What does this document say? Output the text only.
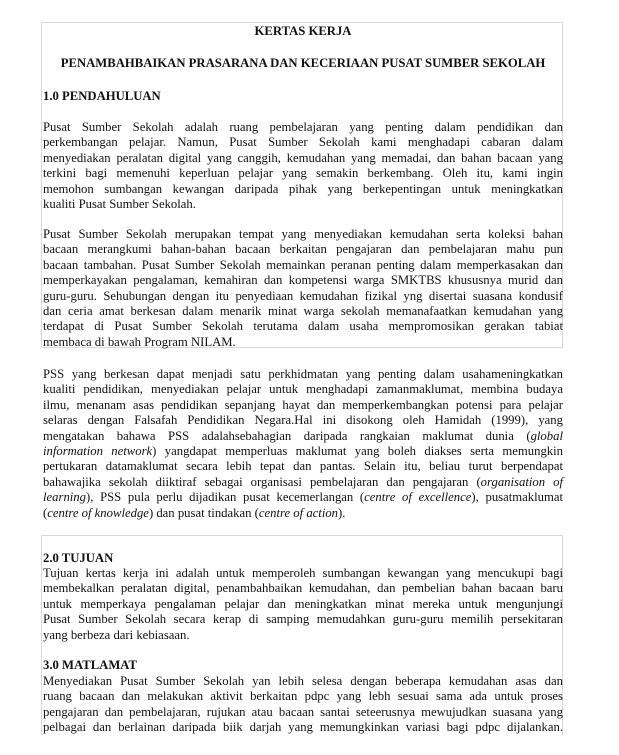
KERTAS KERJA
PENAMBAHBAIKAN PRASARANA DAN KECERIAAN PUSAT SUMBER SEKOLAH
1.0 PENDAHULUAN
Pusat Sumber Sekolah adalah ruang pembelajaran yang penting dalam pendidikan dan
perkembangan pelajar. Namun, Pusat Sumber Sekolah kami menghadapi cabaran dalam
menyediakan peralatan digital yang canggih, kemudahan yang memadai, dan bahan bacaan yang
terkini bagi memenuhi keperluan pelajar yang semakin berkembang. Oleh itu, kami ingin
memohon sumbangan kewangan daripada pihak yang berkepentingan untuk meningkatkan
kualiti Pusat Sumber Sekolah.
Pusat Sumber Sekolah merupakan tempat yang menyediakan kemudahan serta koleksi bahan
bacaan merangkumi bahan-bahan bacaan berkaitan pengajaran dan pembelajaran mahu pun
bacaan tambahan. Pusat Sumber Sekolah memainkan peranan penting dalam memperkasakan dan
memperkayakan pengalaman, kemahiran dan kompetensi warga SMKTBS khususnya murid dan
guru-guru. Sehubungan dengan itu penyediaan kemudahan fizikal yng disertai suasana kondusif
dan ceria amat berkesan dalam menarik minat warga sekolah memanafaatkan kemudahan yang
terdapat di Pusat Sumber Sekolah terutama dalam usaha mempromosikan gerakan tabiat
membaca di bawah Program NILAM.
PSS yang berkesan dapat menjadi satu perkhidmatan yang penting dalam usahameningkatkan
kualiti pendidikan, menyediakan pelajar untuk menghadapi zamanmaklumat, membina budaya
ilmu, menanam asas pendidikan sepanjang hayat dan memperkembangkan potensi para pelajar
selaras dengan Falsafah Pendidikan Negara.Hal ini disokong oleh Hamidah (1999), yang
mengatakan bahawa PSS adalahsebahagian daripada rangkaian maklumat dunia (global
information network) yangdapat memperluas maklumat yang boleh diakses serta memungkin
pertukaran datamaklumat secara lebih tepat dan pantas. Selain itu, beliau turut berpendapat
bahawajika sekolah diiktiraf sebagai organisasi pembelajaran dan pengajaran (organisation of
learning), PSS pula perlu dijadikan pusat kecemerlangan (centre of excellence), pusatmaklumat
(centre of knowledge) dan pusat tindakan (centre of action).
2.0 TUJUAN
Tujuan kertas kerja ini adalah untuk memperoleh sumbangan kewangan yang mencukupi bagi
membekalkan peralatan digital, penambahbaikan kemudahan, dan pembelian bahan bacaan baru
untuk memperkaya pengalaman pelajar dan meningkatkan minat mereka untuk mengunjungi
Pusat Sumber Sekolah secara kerap di samping memudahkan guru-guru memilih persekitaran
yang berbeza dari kebiasaan.
3.0 MATLAMAT
Menyediakan Pusat Sumber Sekolah yan lebih selesa dengan beberapa kemudahan asas dan
ruang bacaan dan melakukan aktivit berkaitan pdpc yang lebh sesuai sama ada untuk proses
pengajaran dan pembelajaran, rujukan atau bacaan santai seteerusnya mewujudkan suasana yang
pelbagai dan berlainan daripada biik darjah yang memungkinkan variasi bagi pdpc dijalankan.
